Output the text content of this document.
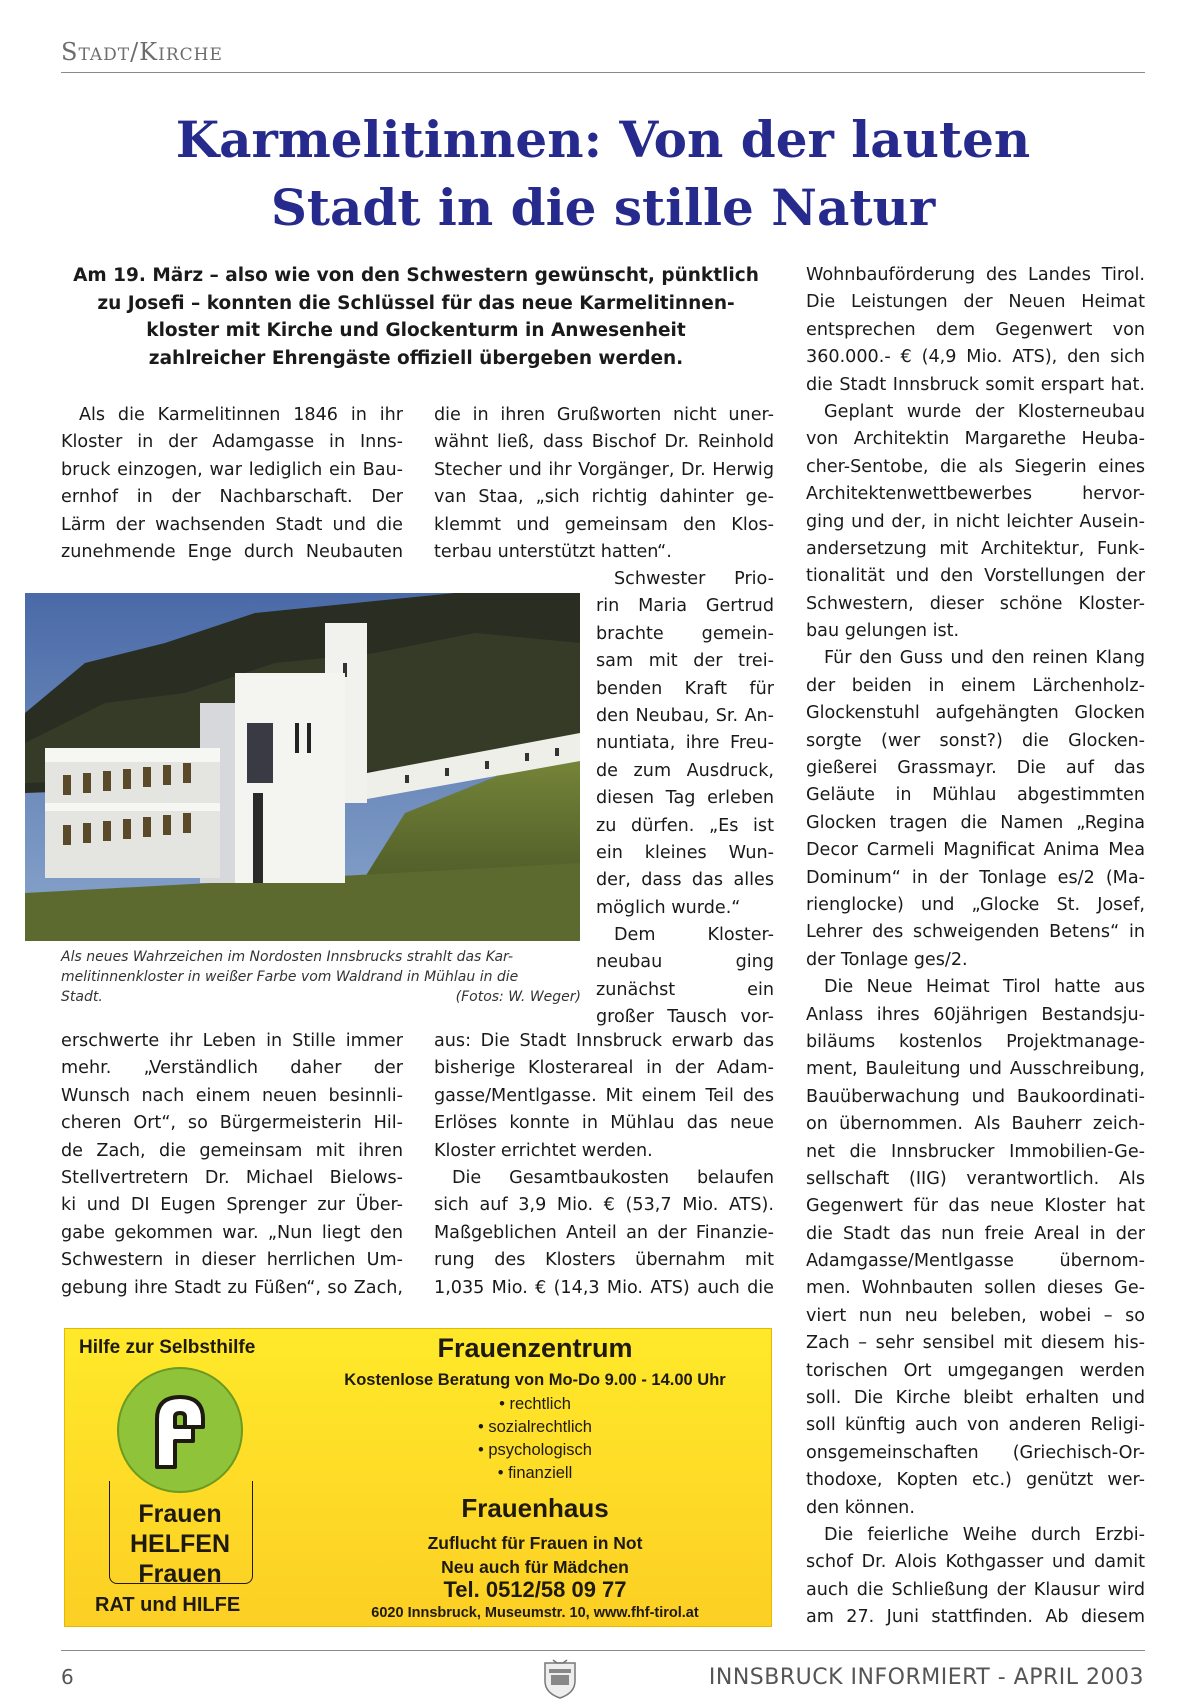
Stadt/Kirche
Karmelitinnen: Von der lauten
Stadt in die stille Natur
Am 19. März – also wie von den Schwestern gewünscht, pünktlich
zu Josefi – konnten die Schlüssel für das neue Karmelitinnen-
kloster mit Kirche und Glockenturm in Anwesenheit
zahlreicher Ehrengäste offiziell übergeben werden.
Als die Karmelitinnen 1846 in ihr
Kloster in der Adamgasse in Inns-
bruck einzogen, war lediglich ein Bau-
ernhof in der Nachbarschaft. Der
Lärm der wachsenden Stadt und die
zunehmende Enge durch Neubauten
die in ihren Grußworten nicht uner-
wähnt ließ, dass Bischof Dr. Reinhold
Stecher und ihr Vorgänger, Dr. Herwig
van Staa, „sich richtig dahinter ge-
klemmt und gemeinsam den Klos-
terbau unterstützt hatten“.
Als neues Wahrzeichen im Nordosten Innsbrucks strahlt das Kar-
melitinnenkloster in weißer Farbe vom Waldrand in Mühlau in die
Stadt.	(Fotos: W. Weger)
Schwester Prio-
rin Maria Gertrud
brachte gemein-
sam mit der trei-
benden Kraft für
den Neubau, Sr. An-
nuntiata, ihre Freu-
de zum Ausdruck,
diesen Tag erleben
zu dürfen. „Es ist
ein kleines Wun-
der, dass das alles
möglich wurde.“
Dem Kloster-
neubau ging
zunächst ein
großer Tausch vor-
erschwerte ihr Leben in Stille immer
mehr. „Verständlich daher der
Wunsch nach einem neuen besinnli-
cheren Ort“, so Bürgermeisterin Hil-
de Zach, die gemeinsam mit ihren
Stellvertretern Dr. Michael Bielows-
ki und DI Eugen Sprenger zur Über-
gabe gekommen war. „Nun liegt den
Schwestern in dieser herrlichen Um-
gebung ihre Stadt zu Füßen“, so Zach,
aus: Die Stadt Innsbruck erwarb das
bisherige Klosterareal in der Adam-
gasse/Mentlgasse. Mit einem Teil des
Erlöses konnte in Mühlau das neue
Kloster errichtet werden.
Die Gesamtbaukosten belaufen
sich auf 3,9 Mio. € (53,7 Mio. ATS).
Maßgeblichen Anteil an der Finanzie-
rung des Klosters übernahm mit
1,035 Mio. € (14,3 Mio. ATS) auch die
Wohnbauförderung des Landes Tirol.
Die Leistungen der Neuen Heimat
entsprechen dem Gegenwert von
360.000.- € (4,9 Mio. ATS), den sich
die Stadt Innsbruck somit erspart hat.
Geplant wurde der Klosterneubau
von Architektin Margarethe Heuba-
cher-Sentobe, die als Siegerin eines
Architektenwettbewerbes hervor-
ging und der, in nicht leichter Ausein-
andersetzung mit Architektur, Funk-
tionalität und den Vorstellungen der
Schwestern, dieser schöne Kloster-
bau gelungen ist.
Für den Guss und den reinen Klang
der beiden in einem Lärchenholz-
Glockenstuhl aufgehängten Glocken
sorgte (wer sonst?) die Glocken-
gießerei Grassmayr. Die auf das
Geläute in Mühlau abgestimmten
Glocken tragen die Namen „Regina
Decor Carmeli Magnificat Anima Mea
Dominum“ in der Tonlage es/2 (Ma-
rienglocke) und „Glocke St. Josef,
Lehrer des schweigenden Betens“ in
der Tonlage ges/2.
Die Neue Heimat Tirol hatte aus
Anlass ihres 60jährigen Bestandsju-
biläums kostenlos Projektmanage-
ment, Bauleitung und Ausschreibung,
Bauüberwachung und Baukoordinati-
on übernommen. Als Bauherr zeich-
net die Innsbrucker Immobilien-Ge-
sellschaft (IIG) verantwortlich. Als
Gegenwert für das neue Kloster hat
die Stadt das nun freie Areal in der
Adamgasse/Mentlgasse übernom-
men. Wohnbauten sollen dieses Ge-
viert nun neu beleben, wobei – so
Zach – sehr sensibel mit diesem his-
torischen Ort umgegangen werden
soll. Die Kirche bleibt erhalten und
soll künftig auch von anderen Religi-
onsgemeinschaften (Griechisch-Or-
thodoxe, Kopten etc.) genützt wer-
den können.
Die feierliche Weihe durch Erzbi-
schof Dr. Alois Kothgasser und damit
auch die Schließung der Klausur wird
am 27. Juni stattfinden. Ab diesem
Hilfe zur Selbsthilfe
Frauen
HELFEN
Frauen
RAT und HILFE
Frauenzentrum
Kostenlose Beratung von Mo-Do 9.00 - 14.00 Uhr
• rechtlich
• sozialrechtlich
• psychologisch
• finanziell
Frauenhaus
Zuflucht für Frauen in Not
Neu auch für Mädchen
Tel. 0512/58 09 77
6020 Innsbruck, Museumstr. 10, www.fhf-tirol.at
6	INNSBRUCK INFORMIERT - APRIL 2003
